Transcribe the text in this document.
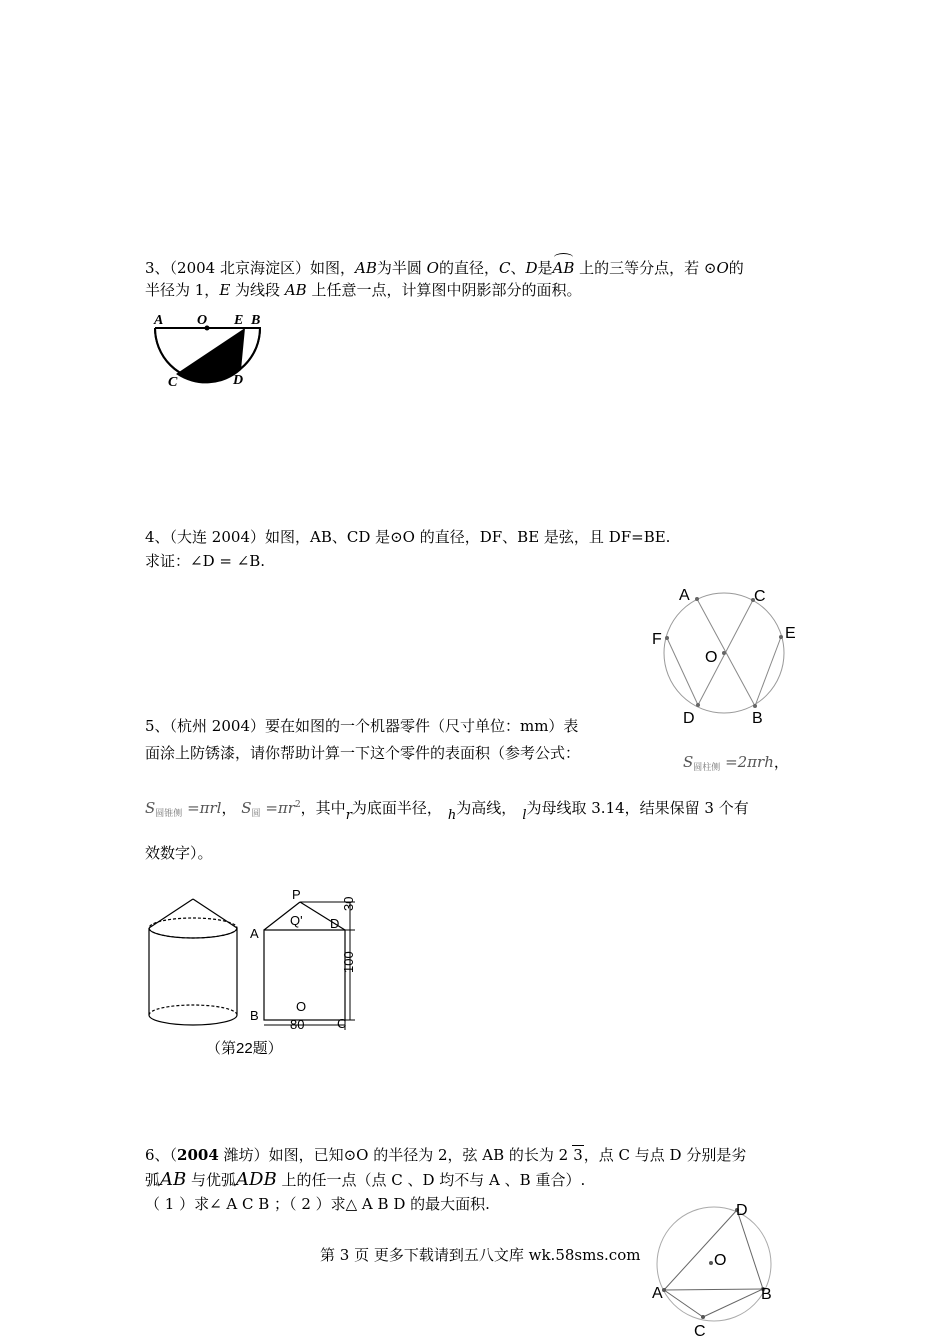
3、（2004 北京海淀区）如图，AB为半圆 O的直径，C、D是AB 上的三等分点，若 ⊙O的
半径为 1，E 为线段 AB 上任意一点，计算图中阴影部分的面积。
A O E B
C	D
4、（大连 2004）如图，AB、CD 是⊙O 的直径，DF、BE 是弦，且 DF=BE.
求证：∠D = ∠B.
A	C
F	E
O
D	B
5、（杭州 2004）要在如图的一个机器零件（尺寸单位：mm）表
面涂上防锈漆，请你帮助计算一下这个零件的表面积（参考公式：	$S_{圆柱侧} =2\pi rh$，
$S_{圆锥侧} =\pi rl$， $S_圆 =\pi r^2$，其中r为底面半径， h为高线， l为母线取 3.14，结果保留 3 个有
效数字）。
P
Q'
A
D
B
O
C
30
100
80
（第22题）
6、（2004 潍坊）如图，已知⊙O 的半径为 2，弦 AB 的长为 2 3，点 C 与点 D 分别是劣
弧AB 与优弧ADB 上的任一点（点 C 、D 均不与 A 、B 重合）.
（ 1 ）求∠ A C B ；（ 2 ）求△ A B D 的最大面积.	D
O
A	B
C
第 3 页 更多下载请到五八文库 wk.58sms.com
